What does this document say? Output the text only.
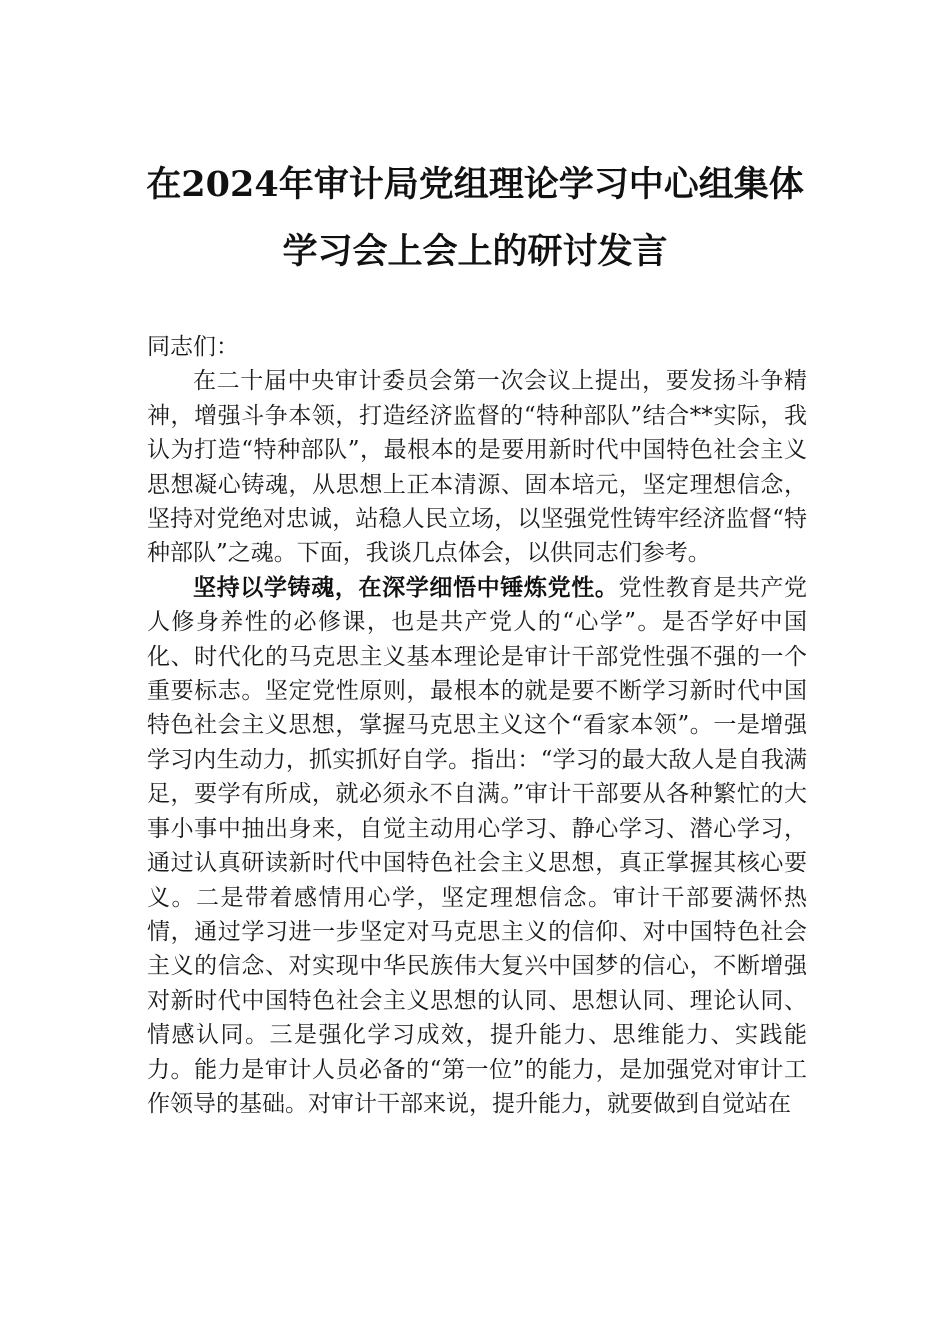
在2024年审计局党组理论学习中心组集体
学习会上会上的研讨发言

同志们：

在二十届中央审计委员会第一次会议上提出，要发扬斗争精神，增强斗争本领，打造经济监督的“特种部队”结合**实际，我认为打造“特种部队”，最根本的是要用新时代中国特色社会主义思想凝心铸魂，从思想上正本清源、固本培元，坚定理想信念，坚持对党绝对忠诚，站稳人民立场，以坚强党性铸牢经济监督“特种部队”之魂。下面，我谈几点体会，以供同志们参考。

坚持以学铸魂，在深学细悟中锤炼党性。党性教育是共产党人修身养性的必修课，也是共产党人的“心学”。是否学好中国化、时代化的马克思主义基本理论是审计干部党性强不强的一个重要标志。坚定党性原则，最根本的就是要不断学习新时代中国特色社会主义思想，掌握马克思主义这个“看家本领”。一是增强学习内生动力，抓实抓好自学。指出：“学习的最大敌人是自我满足，要学有所成，就必须永不自满。”审计干部要从各种繁忙的大事小事中抽出身来，自觉主动用心学习、静心学习、潜心学习，通过认真研读新时代中国特色社会主义思想，真正掌握其核心要义。二是带着感情用心学，坚定理想信念。审计干部要满怀热情，通过学习进一步坚定对马克思主义的信仰、对中国特色社会主义的信念、对实现中华民族伟大复兴中国梦的信心，不断增强对新时代中国特色社会主义思想的认同、思想认同、理论认同、情感认同。三是强化学习成效，提升能力、思维能力、实践能力。能力是审计人员必备的“第一位”的能力，是加强党对审计工作领导的基础。对审计干部来说，提升能力，就要做到自觉站在
